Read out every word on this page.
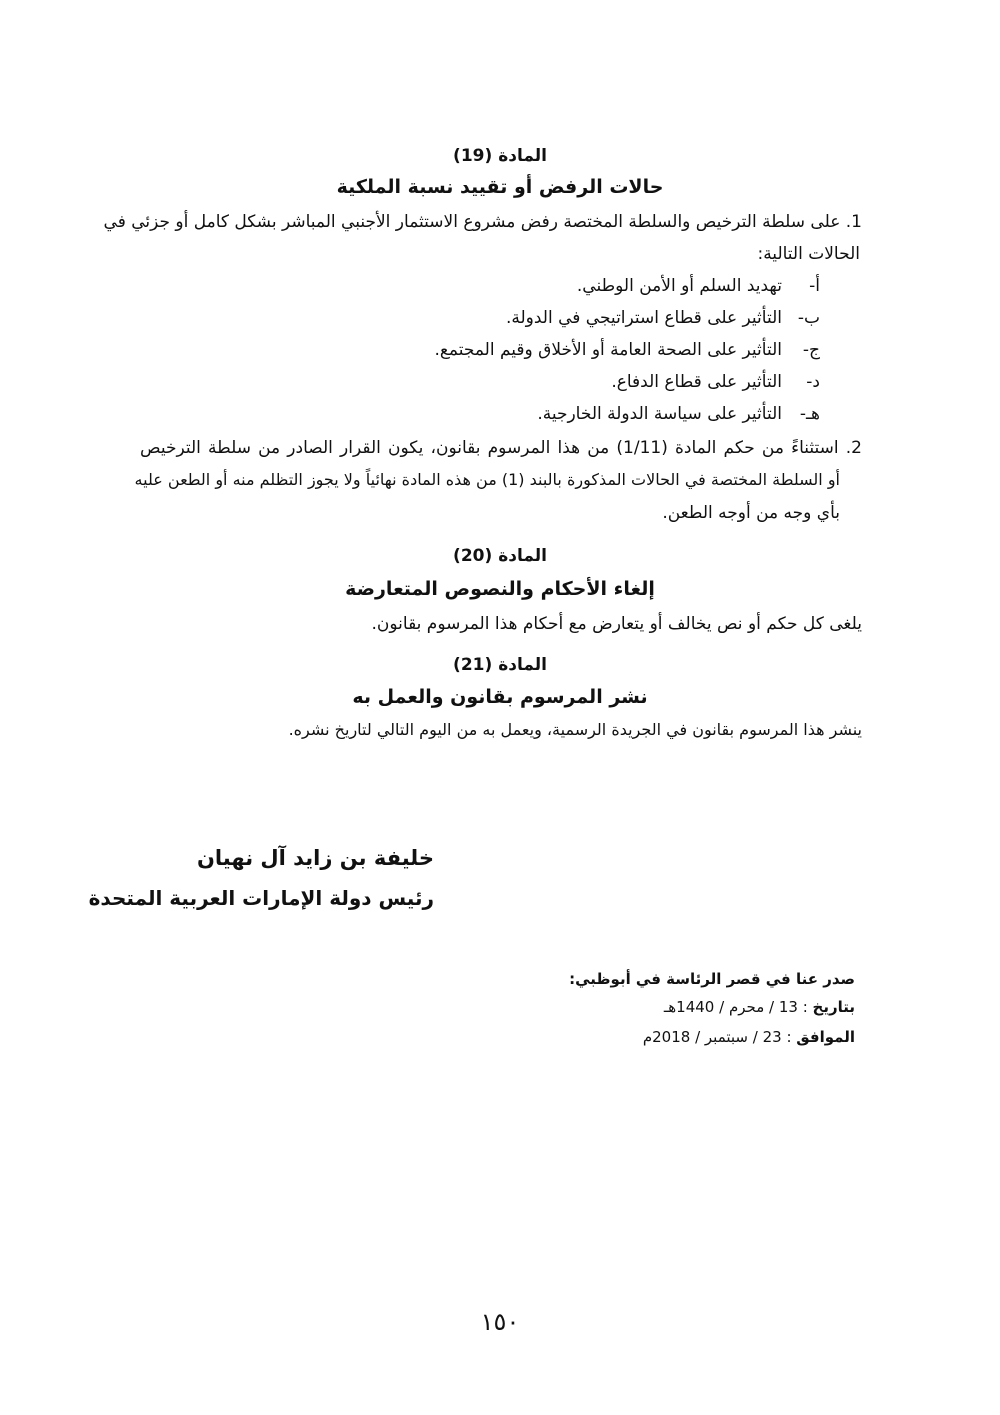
المادة (19)
حالات الرفض أو تقييد نسبة الملكية
1. على سلطة الترخيص والسلطة المختصة رفض مشروع الاستثمار الأجنبي المباشر بشكل كامل أو جزئي في
الحالات التالية:
أ-
تهديد السلم أو الأمن الوطني.
ب-
التأثير على قطاع استراتيجي في الدولة.
ج-
التأثير على الصحة العامة أو الأخلاق وقيم المجتمع.
د-
التأثير على قطاع الدفاع.
هـ-
التأثير على سياسة الدولة الخارجية.
2. استثناءً من حكم المادة (1/11) من هذا المرسوم بقانون، يكون القرار الصادر من سلطة الترخيص
أو السلطة المختصة في الحالات المذكورة بالبند (1) من هذه المادة نهائياً ولا يجوز التظلم منه أو الطعن عليه
بأي وجه من أوجه الطعن.
المادة (20)
إلغاء الأحكام والنصوص المتعارضة
يلغى كل حكم أو نص يخالف أو يتعارض مع أحكام هذا المرسوم بقانون.
المادة (21)
نشر المرسوم بقانون والعمل به
ينشر هذا المرسوم بقانون في الجريدة الرسمية، ويعمل به من اليوم التالي لتاريخ نشره.
خليفة بن زايد آل نهيان
رئيس دولة الإمارات العربية المتحدة
صدر عنا في قصر الرئاسة في أبوظبي:
بتاريخ : 13 / محرم / 1440هـ
الموافق : 23 / سبتمبر / 2018م
١٥٠
